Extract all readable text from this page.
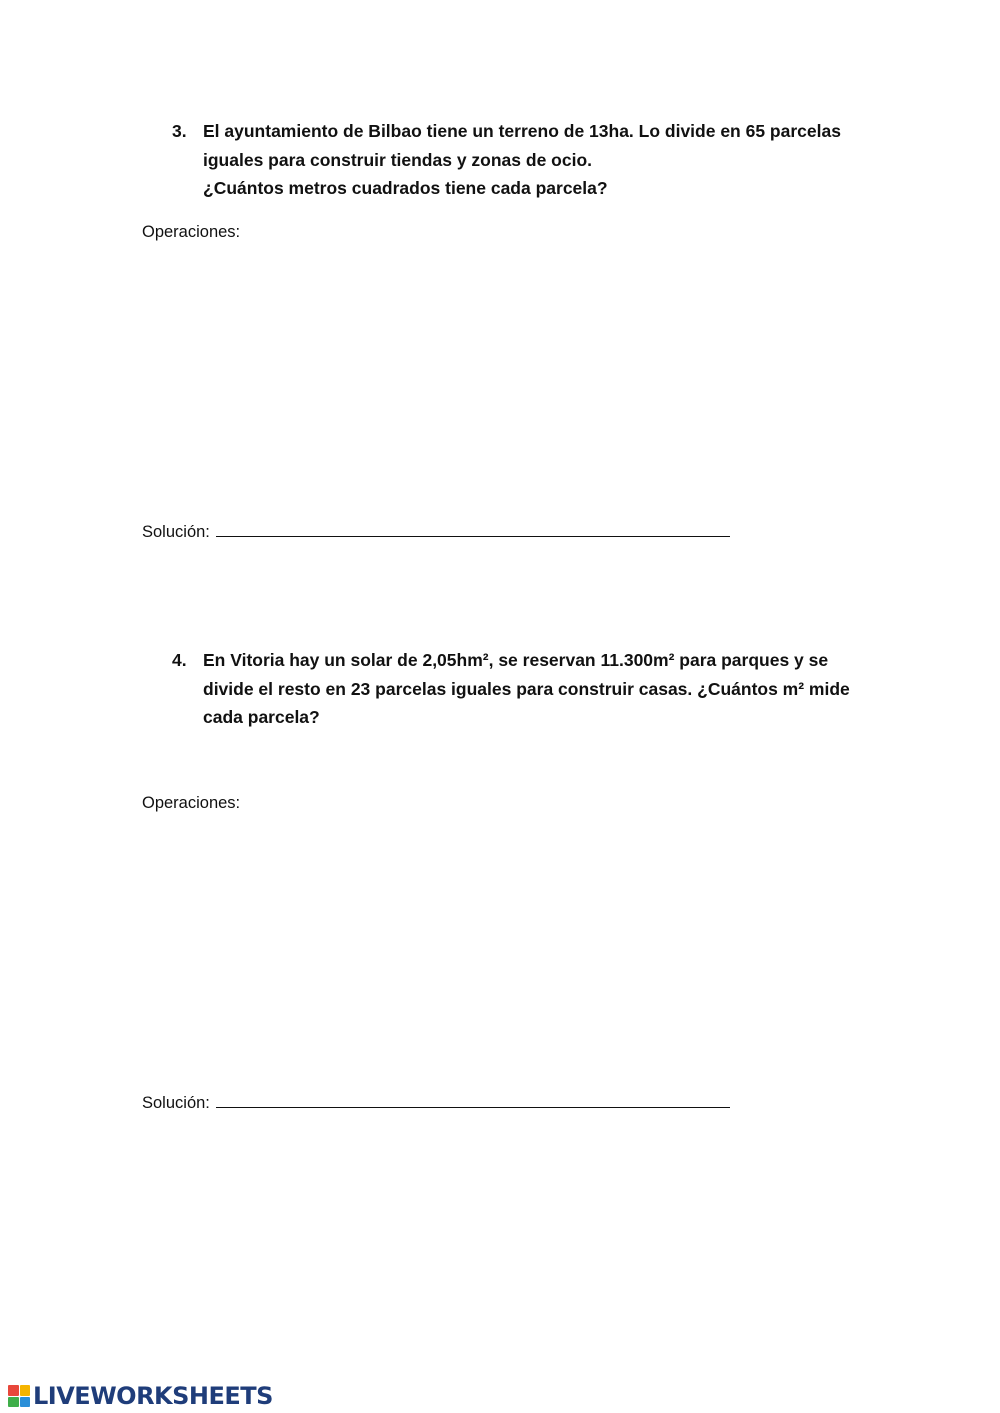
3. El ayuntamiento de Bilbao tiene un terreno de 13ha. Lo divide en 65 parcelas
iguales para construir tiendas y zonas de ocio.
¿Cuántos metros cuadrados tiene cada parcela?
Operaciones:
Solución:
4. En Vitoria hay un solar de 2,05hm², se reservan 11.300m² para parques y se
divide el resto en 23 parcelas iguales para construir casas. ¿Cuántos m² mide
cada parcela?
Operaciones:
Solución:
LIVEWORKSHEETS
